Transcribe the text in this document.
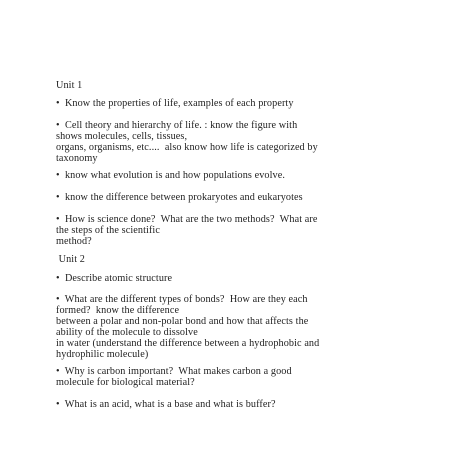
Unit 1
•  Know the properties of life, examples of each property
•  Cell theory and hierarchy of life. : know the figure with
shows molecules, cells, tissues,
organs, organisms, etc....  also know how life is categorized by
taxonomy
•  know what evolution is and how populations evolve.
•  know the difference between prokaryotes and eukaryotes
•  How is science done?  What are the two methods?  What are
the steps of the scientific
method?
Unit 2
•  Describe atomic structure
•  What are the different types of bonds?  How are they each
formed?  know the difference
between a polar and non-polar bond and how that affects the
ability of the molecule to dissolve
in water (understand the difference between a hydrophobic and
hydrophilic molecule)
•  Why is carbon important?  What makes carbon a good
molecule for biological material?
•  What is an acid, what is a base and what is buffer?
